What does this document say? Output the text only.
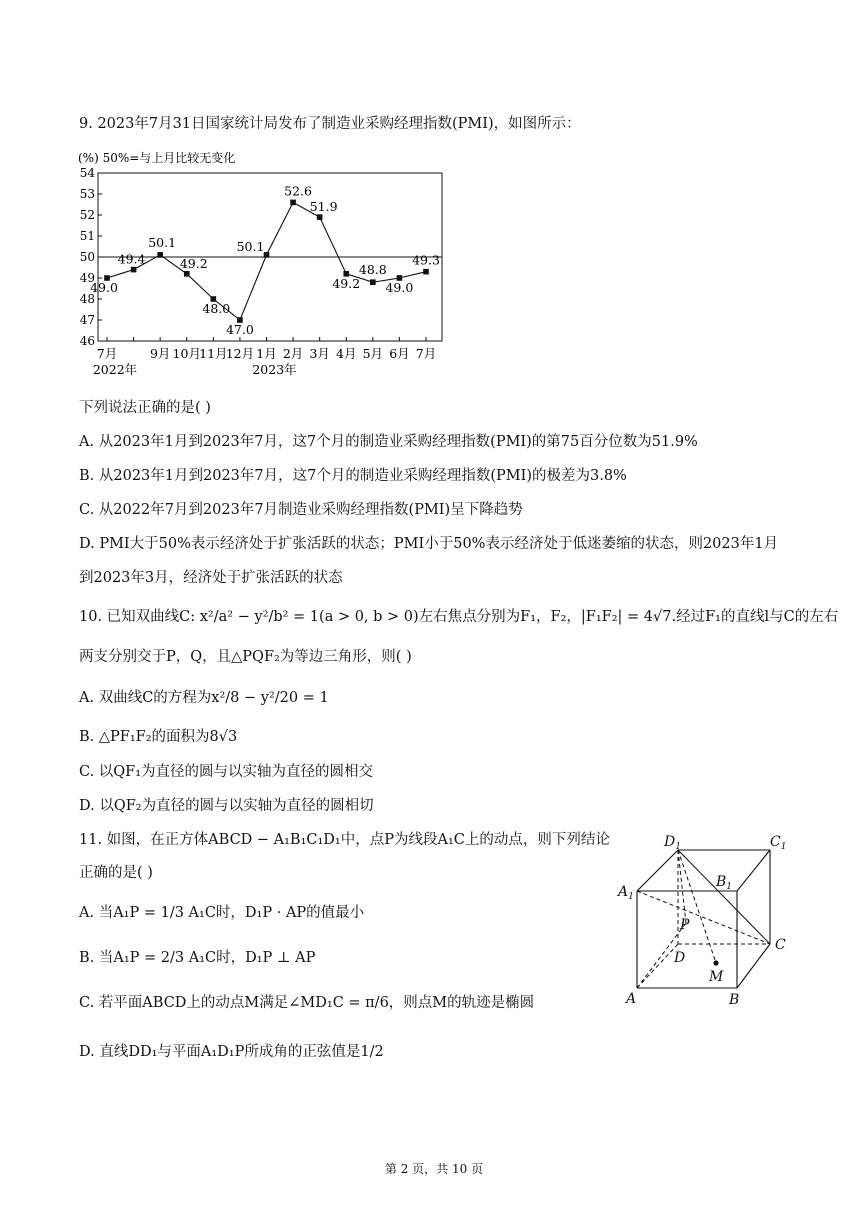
9. 2023年7月31日国家统计局发布了制造业采购经理指数(PMI)，如图所示：
(%) 50%=与上月比较无变化
46
47
48
49
50
51
52
53
54
7月	9月 10月
11月
12月 1月 2月 3月 4月 5月 6月 7月
2022年	2023年
49.0
49.4
50.1
49.2
48.0
47.0
50.1
52.6
51.9
49.2
48.8
49.0
49.3
下列说法正确的是( )
A. 从2023年1月到2023年7月，这7个月的制造业采购经理指数(PMI)的第75百分位数为51.9%
B. 从2023年1月到2023年7月，这7个月的制造业采购经理指数(PMI)的极差为3.8%
C. 从2022年7月到2023年7月制造业采购经理指数(PMI)呈下降趋势
D. PMI大于50%表示经济处于扩张活跃的状态；PMI小于50%表示经济处于低迷萎缩的状态，则2023年1月
到2023年3月，经济处于扩张活跃的状态
10. 已知双曲线C: x²/a² − y²/b² = 1(a > 0, b > 0)左右焦点分别为F₁，F₂，|F₁F₂| = 4√7.经过F₁的直线l与C的左右
两支分别交于P，Q，且△PQF₂为等边三角形，则( )
A. 双曲线C的方程为x²/8 − y²/20 = 1
B. △PF₁F₂的面积为8√3
C. 以QF₁为直径的圆与以实轴为直径的圆相交
D. 以QF₂为直径的圆与以实轴为直径的圆相切
11. 如图，在正方体ABCD − A₁B₁C₁D₁中，点P为线段A₁C上的动点，则下列结论
正确的是( )
A. 当A₁P = 1/3 A₁C时，D₁P · AP的值最小
B. 当A₁P = 2/3 A₁C时，D₁P ⊥ AP
C. 若平面ABCD上的动点M满足∠MD₁C = π/6，则点M的轨迹是椭圆
D. 直线DD₁与平面A₁D₁P所成角的正弦值是1/2
$D_1$	$C_1$
$A_1$
$B_1$
P
D
C
M
A	B
第 2 页，共 10 页
